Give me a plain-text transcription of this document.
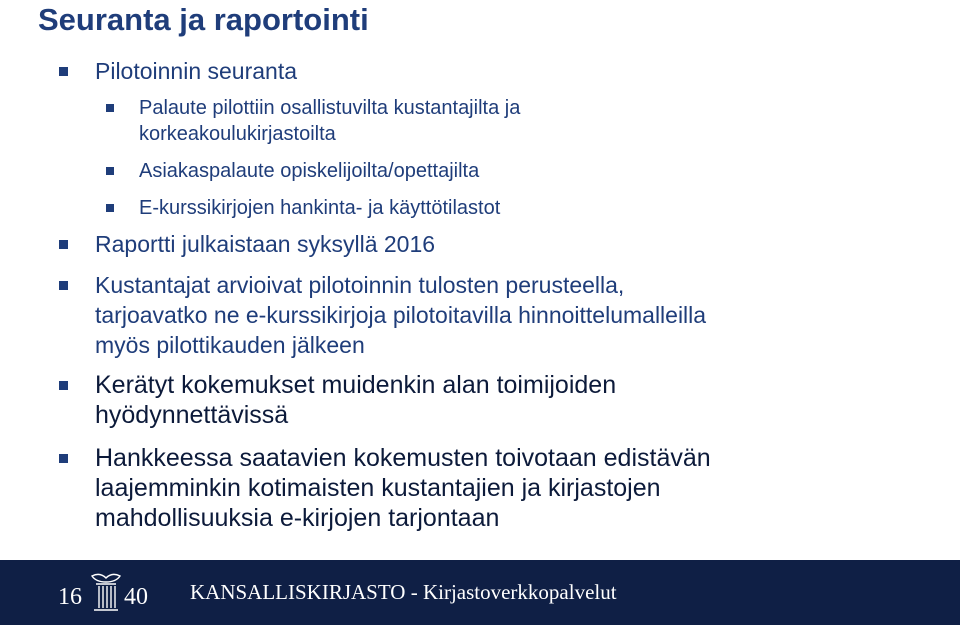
Seuranta ja raportointi
Pilotoinnin seuranta
Palaute pilottiin osallistuvilta kustantajilta ja
korkeakoulukirjastoilta
Asiakaspalaute opiskelijoilta/opettajilta
E-kurssikirjojen hankinta- ja käyttötilastot
Raportti julkaistaan syksyllä 2016
Kustantajat arvioivat pilotoinnin tulosten perusteella,
tarjoavatko ne e-kurssikirjoja pilotoitavilla hinnoittelumalleilla
myös pilottikauden jälkeen
Kerätyt kokemukset muidenkin alan toimijoiden
hyödynnettävissä
Hankkeessa saatavien kokemusten toivotaan edistävän
laajemminkin kotimaisten kustantajien ja kirjastojen
mahdollisuuksia e-kirjojen tarjontaan
16 40 KANSALLISKIRJASTO - Kirjastoverkkopalvelut
